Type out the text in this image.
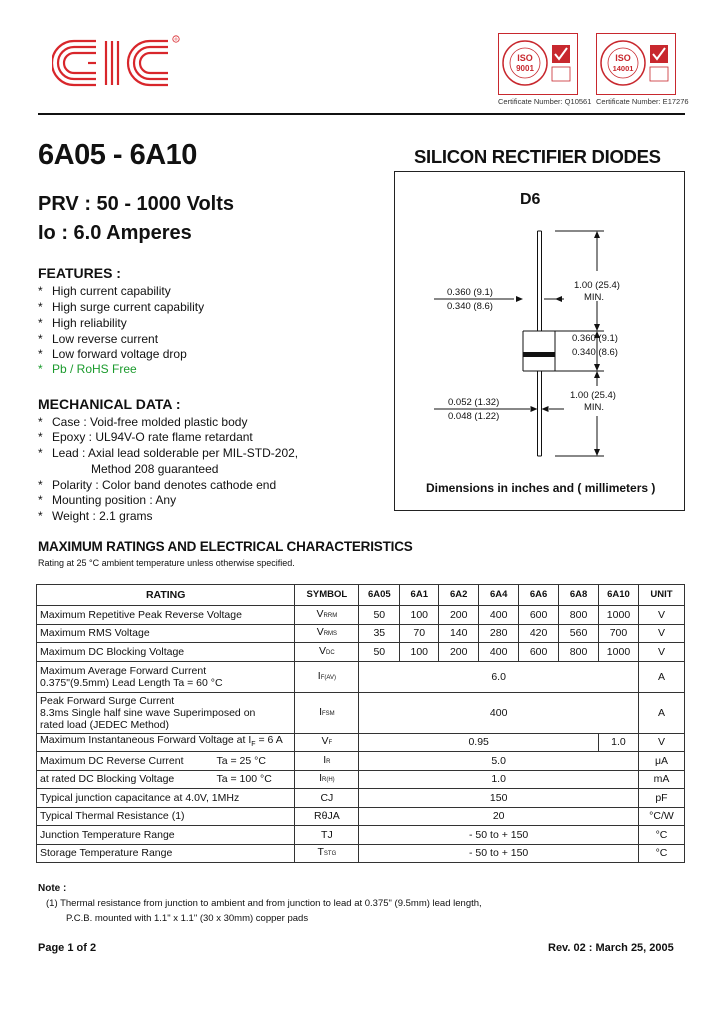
®
ISO
9001
Certificate Number: Q10561
ISO
14001
Certificate Number: E17276
6A05 - 6A10	SILICON RECTIFIER DIODES
PRV : 50 - 1000 Volts
Io : 6.0 Amperes
FEATURES :
* High current capability
* High surge current capability
* High reliability
* Low reverse current
* Low forward voltage drop
* Pb / RoHS Free
MECHANICAL DATA :
* Case : Void-free molded plastic body
* Epoxy : UL94V-O rate flame retardant
* Lead : Axial lead solderable per MIL-STD-202,
Method 208 guaranteed
* Polarity : Color band denotes cathode end
* Mounting position : Any
* Weight : 2.1 grams
D6
1.00 (25.4)
MIN.
0.360 (9.1)
0.340 (8.6)
0.360 (9.1)
0.340 (8.6)
1.00 (25.4)
MIN.
0.052 (1.32)
0.048 (1.22)
Dimensions in inches and ( millimeters )
MAXIMUM RATINGS AND ELECTRICAL CHARACTERISTICS
Rating at 25 °C ambient temperature unless otherwise specified.
RATING	SYMBOL	6A05	6A1	6A2	6A4	6A6	6A8	6A10	UNIT
Maximum Repetitive Peak Reverse Voltage	VRRM	50	100	200	400	600	800	1000	V
Maximum RMS Voltage	VRMS	35	70	140	280	420	560	700	V
Maximum DC Blocking Voltage	VDC	50	100	200	400	600	800	1000	V
Maximum Average Forward Current
0.375"(9.5mm) Lead Length Ta = 60 °C	IF(AV)	6.0							A
Peak Forward Surge Current
8.3ms Single half sine wave Superimposed on
rated load (JEDEC Method)	IFSM	400							A
Maximum Instantaneous Forward Voltage at $I_F = 6$ A	VF	0.95						1.0	V
Maximum DC Reverse Current Ta = 25 °C	IR	5.0							μA
at rated DC Blocking Voltage Ta = 100 °C	IR(H)	1.0							mA
Typical junction capacitance at 4.0V, 1MHz	CJ	150							pF
Typical Thermal Resistance (1)	RθJA	20							°C/W
Junction Temperature Range	TJ	- 50 to + 150							°C
Storage Temperature Range	TSTG	- 50 to + 150							°C
Note :
(1) Thermal resistance from junction to ambient and from junction to lead at 0.375" (9.5mm) lead length,
P.C.B. mounted with 1.1" x 1.1" (30 x 30mm) copper pads
Page 1 of 2	Rev. 02 : March 25, 2005
